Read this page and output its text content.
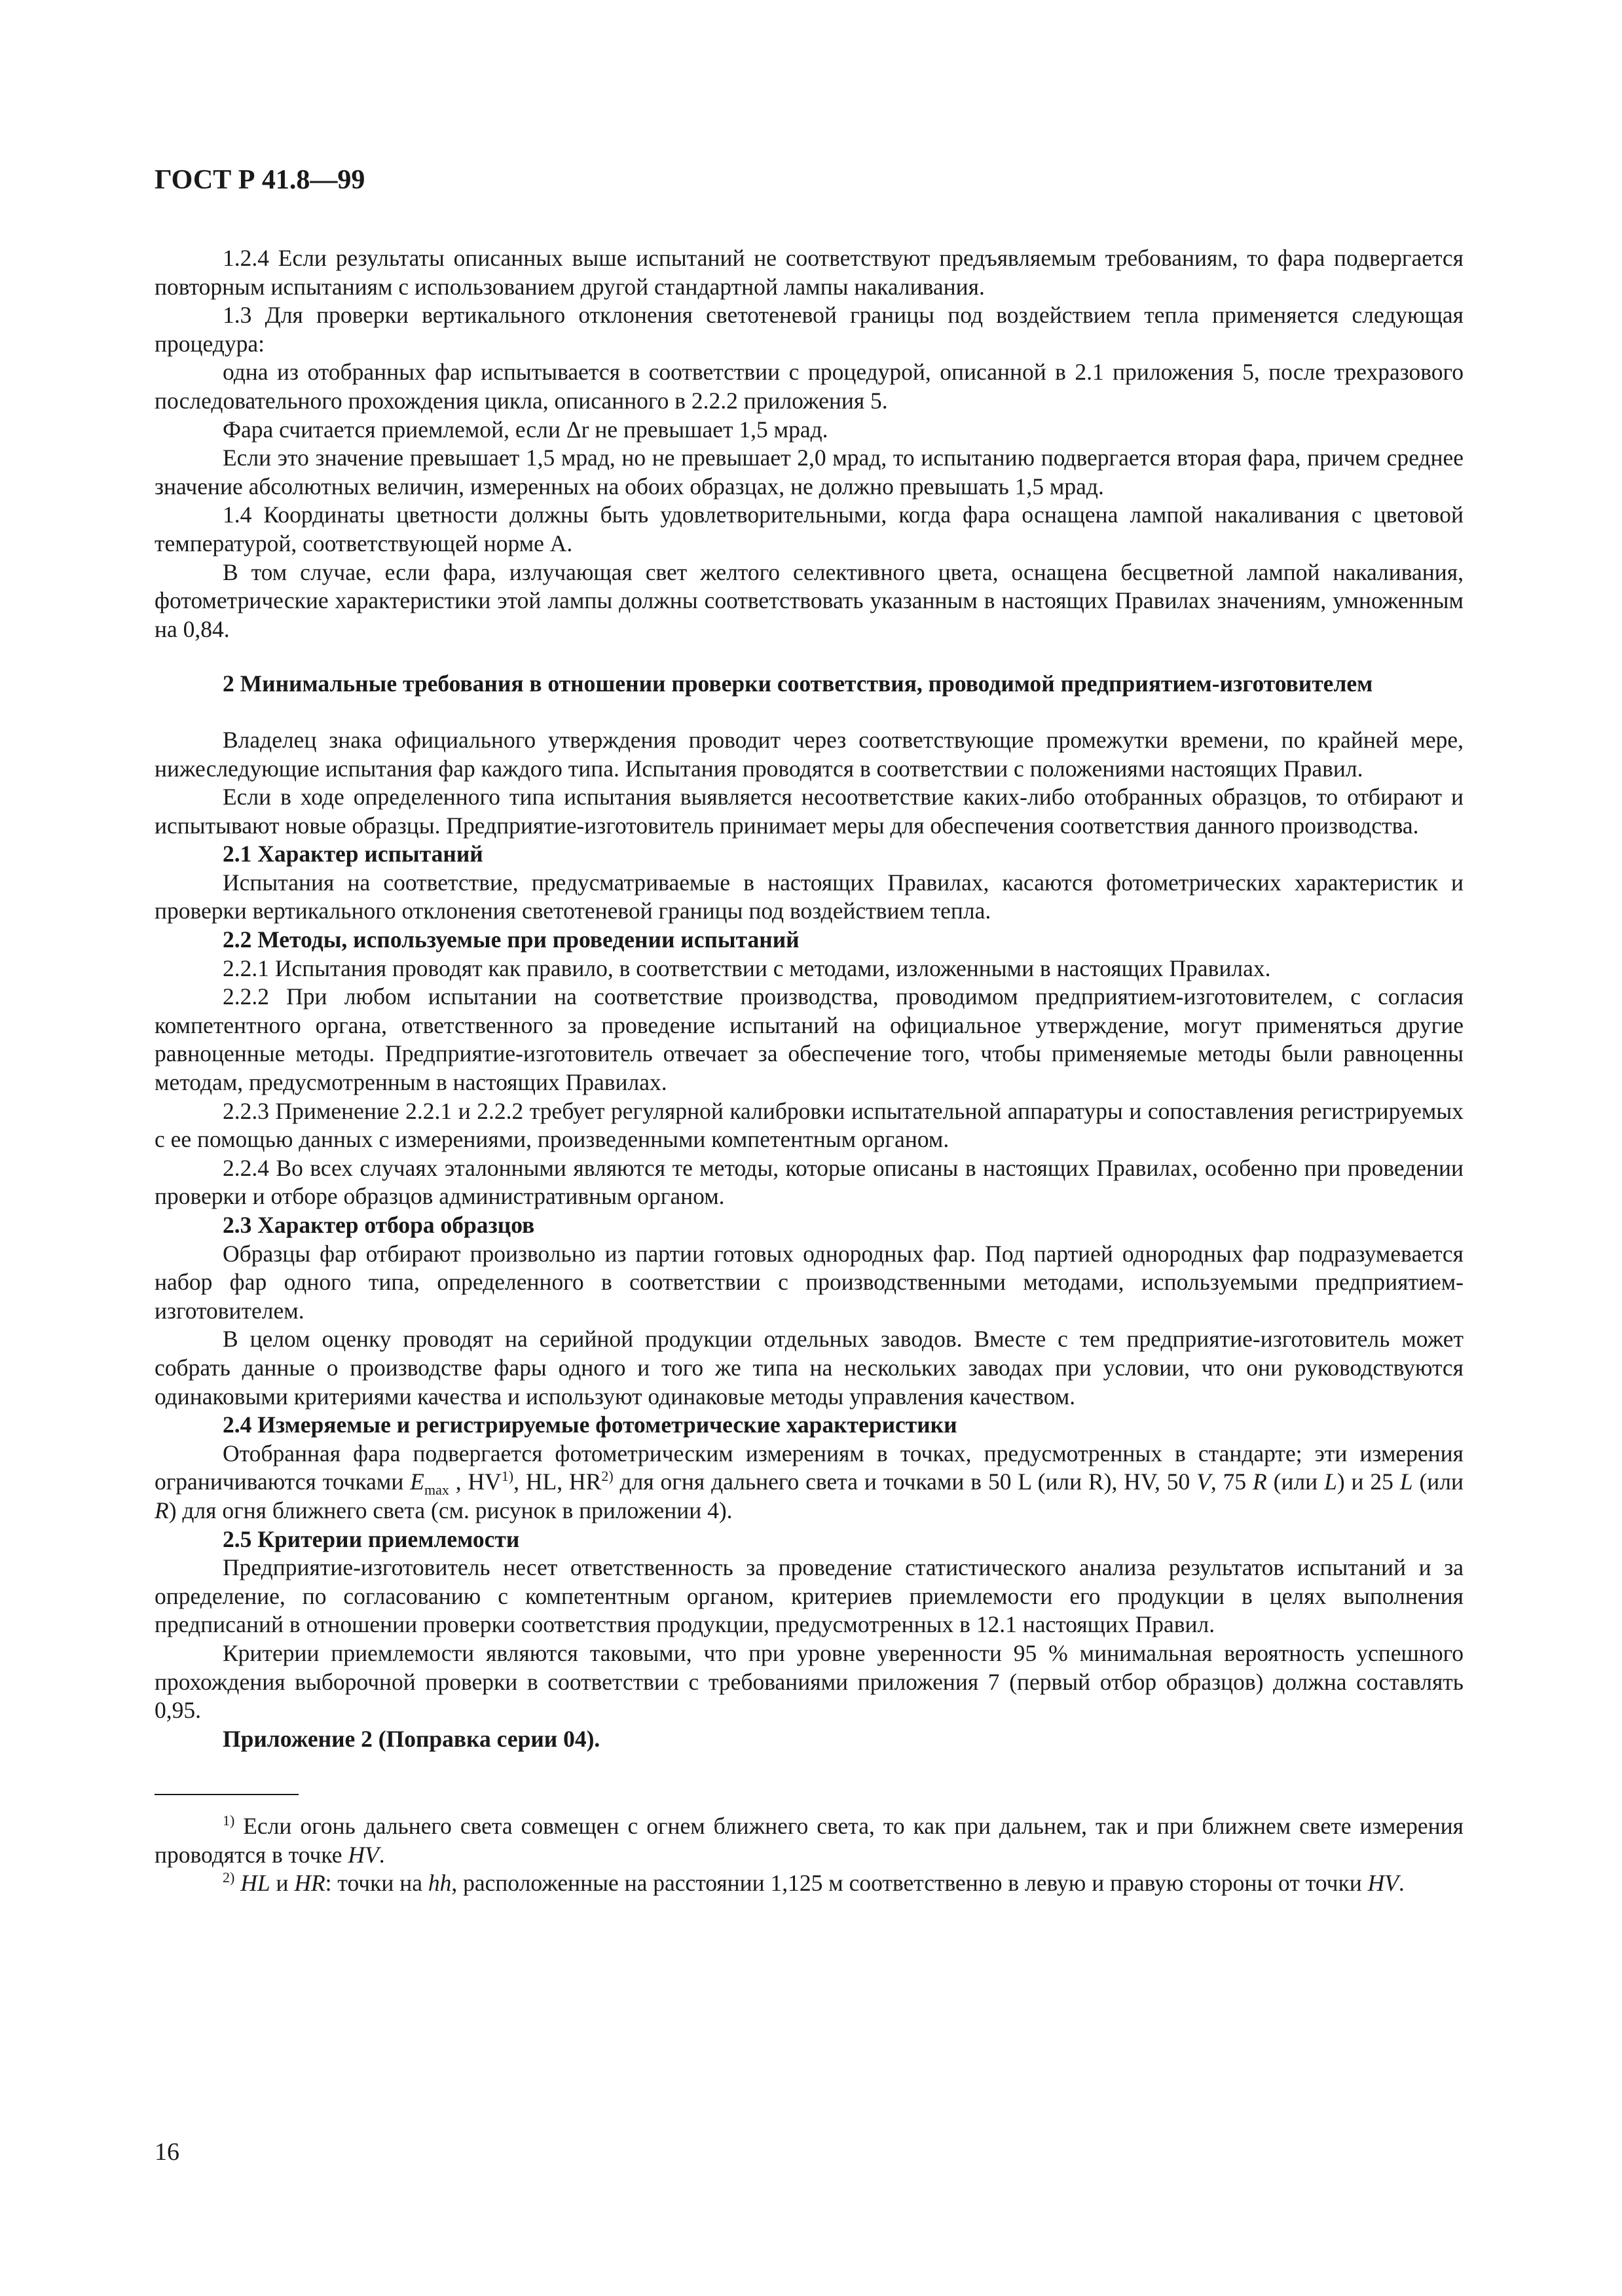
ГОСТ Р 41.8—99

1.2.4 Если результаты описанных выше испытаний не соответствуют предъявляемым требованиям, то фара подвергается повторным испытаниям с использованием другой стандартной лампы накаливания.

1.3 Для проверки вертикального отклонения светотеневой границы под воздействием тепла применяется следующая процедура:

одна из отобранных фар испытывается в соответствии с процедурой, описанной в 2.1 приложения 5, после трехразового последовательного прохождения цикла, описанного в 2.2.2 приложения 5.

Фара считается приемлемой, если Δr не превышает 1,5 мрад.

Если это значение превышает 1,5 мрад, но не превышает 2,0 мрад, то испытанию подвергается вторая фара, причем среднее значение абсолютных величин, измеренных на обоих образцах, не должно превышать 1,5 мрад.

1.4 Координаты цветности должны быть удовлетворительными, когда фара оснащена лампой накаливания с цветовой температурой, соответствующей норме А.

В том случае, если фара, излучающая свет желтого селективного цвета, оснащена бесцветной лампой накаливания, фотометрические характеристики этой лампы должны соответствовать указанным в настоящих Правилах значениям, умноженным на 0,84.

2 Минимальные требования в отношении проверки соответствия, проводимой предприятием-изготовителем

Владелец знака официального утверждения проводит через соответствующие промежутки времени, по крайней мере, нижеследующие испытания фар каждого типа. Испытания проводятся в соответствии с положениями настоящих Правил.

Если в ходе определенного типа испытания выявляется несоответствие каких-либо отобранных образцов, то отбирают и испытывают новые образцы. Предприятие-изготовитель принимает меры для обеспечения соответствия данного производства.

2.1 Характер испытаний

Испытания на соответствие, предусматриваемые в настоящих Правилах, касаются фотометрических характеристик и проверки вертикального отклонения светотеневой границы под воздействием тепла.

2.2 Методы, используемые при проведении испытаний

2.2.1 Испытания проводят как правило, в соответствии с методами, изложенными в настоящих Правилах.

2.2.2 При любом испытании на соответствие производства, проводимом предприятием-изготовителем, с согласия компетентного органа, ответственного за проведение испытаний на официальное утверждение, могут применяться другие равноценные методы. Предприятие-изготовитель отвечает за обеспечение того, чтобы применяемые методы были равноценны методам, предусмотренным в настоящих Правилах.

2.2.3 Применение 2.2.1 и 2.2.2 требует регулярной калибровки испытательной аппаратуры и сопоставления регистрируемых с ее помощью данных с измерениями, произведенными компетентным органом.

2.2.4 Во всех случаях эталонными являются те методы, которые описаны в настоящих Правилах, особенно при проведении проверки и отборе образцов административным органом.

2.3 Характер отбора образцов

Образцы фар отбирают произвольно из партии готовых однородных фар. Под партией однородных фар подразумевается набор фар одного типа, определенного в соответствии с производственными методами, используемыми предприятием-изготовителем.

В целом оценку проводят на серийной продукции отдельных заводов. Вместе с тем предприятие-изготовитель может собрать данные о производстве фары одного и того же типа на нескольких заводах при условии, что они руководствуются одинаковыми критериями качества и используют одинаковые методы управления качеством.

2.4 Измеряемые и регистрируемые фотометрические характеристики

Отобранная фара подвергается фотометрическим измерениям в точках, предусмотренных в стандарте; эти измерения ограничиваются точками $E_{max}$ , HV$^{1)}$, HL, HR$^{2)}$ для огня дальнего света и точками в 50 L (или R), HV, 50 V, 75 R (или L) и 25 L (или R) для огня ближнего света (см. рисунок в приложении 4).

2.5 Критерии приемлемости

Предприятие-изготовитель несет ответственность за проведение статистического анализа результатов испытаний и за определение, по согласованию с компетентным органом, критериев приемлемости его продукции в целях выполнения предписаний в отношении проверки соответствия продукции, предусмотренных в 12.1 настоящих Правил.

Критерии приемлемости являются таковыми, что при уровне уверенности 95 % минимальная вероятность успешного прохождения выборочной проверки в соответствии с требованиями приложения 7 (первый отбор образцов) должна составлять 0,95.

Приложение 2 (Поправка серии 04).

$^{1)}$ Если огонь дальнего света совмещен с огнем ближнего света, то как при дальнем, так и при ближнем свете измерения проводятся в точке HV.

$^{2)}$ HL и HR: точки на hh, расположенные на расстоянии 1,125 м соответственно в левую и правую стороны от точки HV.

16
